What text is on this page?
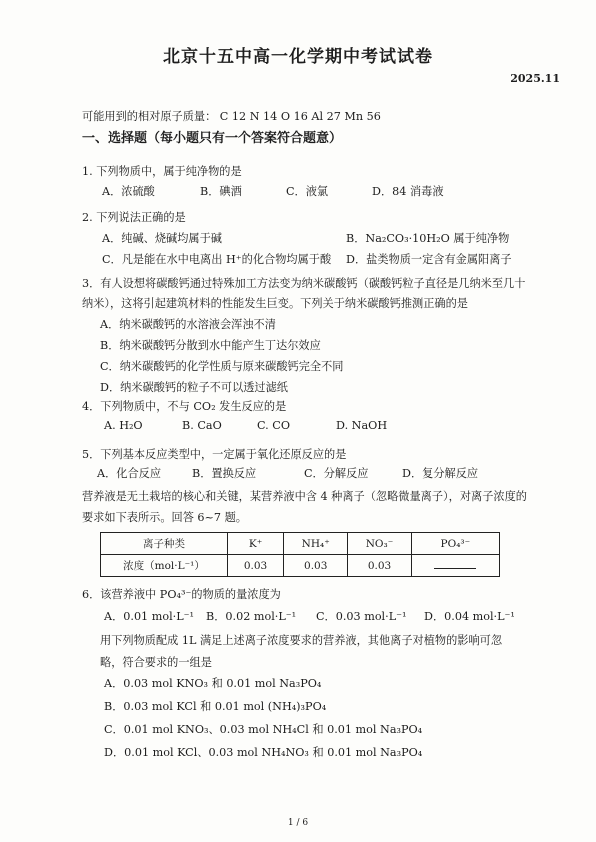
北京十五中高一化学期中考试试卷
2025.11
可能用到的相对原子质量： C 12 N 14 O 16 Al 27 Mn 56
一、选择题（每小题只有一个答案符合题意）
1. 下列物质中，属于纯净物的是
A．浓硫酸	B．碘酒	C．液氯	D．84 消毒液
2. 下列说法正确的是
A．纯碱、烧碱均属于碱	B．Na₂CO₃·10H₂O 属于纯净物
C．凡是能在水中电离出 H⁺的化合物均属于酸 D．盐类物质一定含有金属阳离子
3．有人设想将碳酸钙通过特殊加工方法变为纳米碳酸钙（碳酸钙粒子直径是几纳米至几十
纳米），这将引起建筑材料的性能发生巨变。下列关于纳米碳酸钙推测正确的是
A．纳米碳酸钙的水溶液会浑浊不清
B．纳米碳酸钙分散到水中能产生丁达尔效应
C．纳米碳酸钙的化学性质与原来碳酸钙完全不同
D．纳米碳酸钙的粒子不可以透过滤纸
4．下列物质中，不与 CO₂ 发生反应的是
A. H₂O	B. CaO	C. CO	D. NaOH
5．下列基本反应类型中，一定属于氧化还原反应的是
A．化合反应	B．置换反应	C．分解反应	D．复分解反应
营养液是无土栽培的核心和关键，某营养液中含 4 种离子（忽略微量离子），对离子浓度的
要求如下表所示。回答 6~7 题。
离子种类	K⁺	NH₄⁺	NO₃⁻	PO₄³⁻
浓度（mol·L⁻¹）	0.03	0.03	0.03	
6．该营养液中 PO₄³⁻的物质的量浓度为
A．0.01 mol·L⁻¹ B．0.02 mol·L⁻¹ C．0.03 mol·L⁻¹ D．0.04 mol·L⁻¹
用下列物质配成 1L 满足上述离子浓度要求的营养液，其他离子对植物的影响可忽
略，符合要求的一组是
A．0.03 mol KNO₃ 和 0.01 mol Na₃PO₄
B．0.03 mol KCl 和 0.01 mol (NH₄)₃PO₄
C．0.01 mol KNO₃、0.03 mol NH₄Cl 和 0.01 mol Na₃PO₄
D．0.01 mol KCl、0.03 mol NH₄NO₃ 和 0.01 mol Na₃PO₄
1 / 6
